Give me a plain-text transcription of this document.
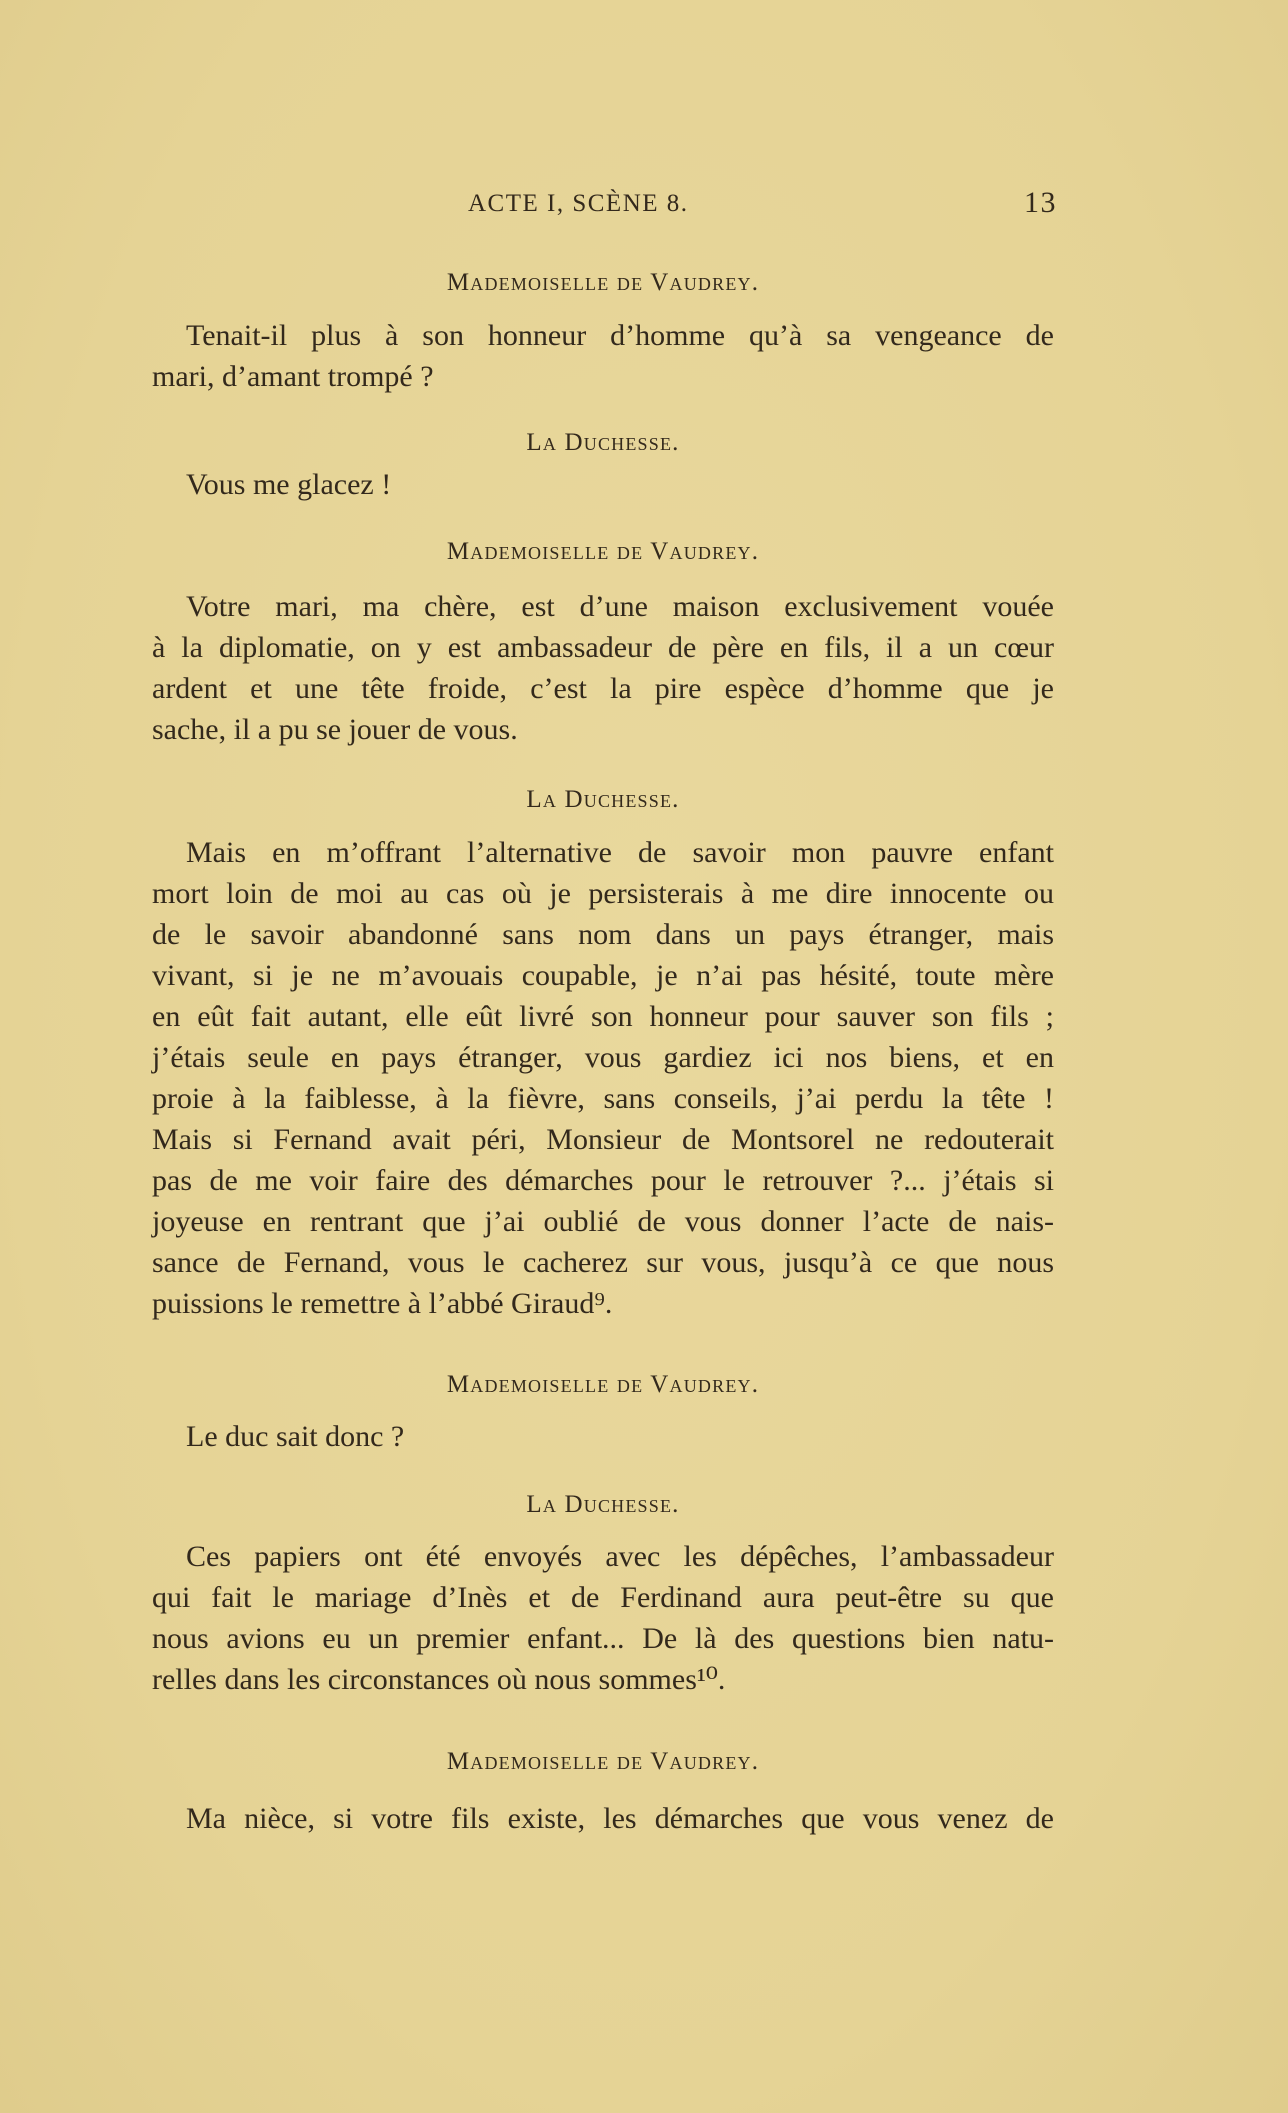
ACTE I, SCÈNE 8.	13
Mademoiselle de Vaudrey.
Tenait-il plus à son honneur d’homme qu’à sa vengeance de
mari, d’amant trompé ?
La Duchesse.
Vous me glacez !
Mademoiselle de Vaudrey.
Votre mari, ma chère, est d’une maison exclusivement vouée
à la diplomatie, on y est ambassadeur de père en fils, il a un cœur
ardent et une tête froide, c’est la pire espèce d’homme que je
sache, il a pu se jouer de vous.
La Duchesse.
Mais en m’offrant l’alternative de savoir mon pauvre enfant
mort loin de moi au cas où je persisterais à me dire innocente ou
de le savoir abandonné sans nom dans un pays étranger, mais
vivant, si je ne m’avouais coupable, je n’ai pas hésité, toute mère
en eût fait autant, elle eût livré son honneur pour sauver son fils ;
j’étais seule en pays étranger, vous gardiez ici nos biens, et en
proie à la faiblesse, à la fièvre, sans conseils, j’ai perdu la tête !
Mais si Fernand avait péri, Monsieur de Montsorel ne redouterait
pas de me voir faire des démarches pour le retrouver ?... j’étais si
joyeuse en rentrant que j’ai oublié de vous donner l’acte de nais-
sance de Fernand, vous le cacherez sur vous, jusqu’à ce que nous
puissions le remettre à l’abbé Giraud⁹.
Mademoiselle de Vaudrey.
Le duc sait donc ?
La Duchesse.
Ces papiers ont été envoyés avec les dépêches, l’ambassadeur
qui fait le mariage d’Inès et de Ferdinand aura peut-être su que
nous avions eu un premier enfant... De là des questions bien natu-
relles dans les circonstances où nous sommes¹⁰.
Mademoiselle de Vaudrey.
Ma nièce, si votre fils existe, les démarches que vous venez de
